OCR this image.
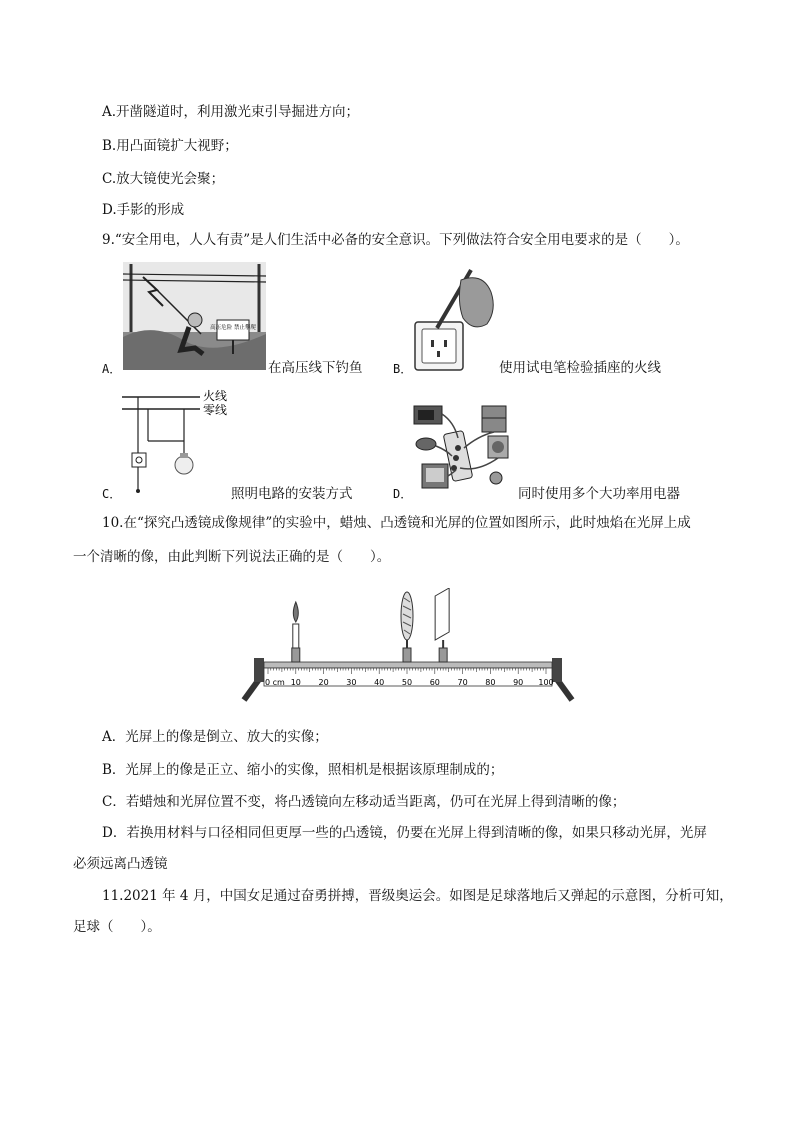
A.开凿隧道时，利用激光束引导掘进方向；
B.用凸面镜扩大视野；
C.放大镜使光会聚；
D.手影的形成
9.“安全用电，人人有责”是人们生活中必备的安全意识。下列做法符合安全用电要求的是（　　）。
A．
高压危险 禁止攀爬
在高压线下钓鱼	B．	使用试电笔检验插座的火线
C．
火线
零线
照明电路的安装方式	D．	同时使用多个大功率用电器
10.在“探究凸透镜成像规律”的实验中，蜡烛、凸透镜和光屏的位置如图所示，此时烛焰在光屏上成
一个清晰的像，由此判断下列说法正确的是（　　）。
0 cm 10 20 30 40 50 60 70 80 90 100
A．光屏上的像是倒立、放大的实像；
B．光屏上的像是正立、缩小的实像，照相机是根据该原理制成的；
C．若蜡烛和光屏位置不变，将凸透镜向左移动适当距离，仍可在光屏上得到清晰的像；
D．若换用材料与口径相同但更厚一些的凸透镜，仍要在光屏上得到清晰的像，如果只移动光屏，光屏
必须远离凸透镜
11.2021 年 4 月，中国女足通过奋勇拼搏，晋级奥运会。如图是足球落地后又弹起的示意图，分析可知，
足球（　　）。
